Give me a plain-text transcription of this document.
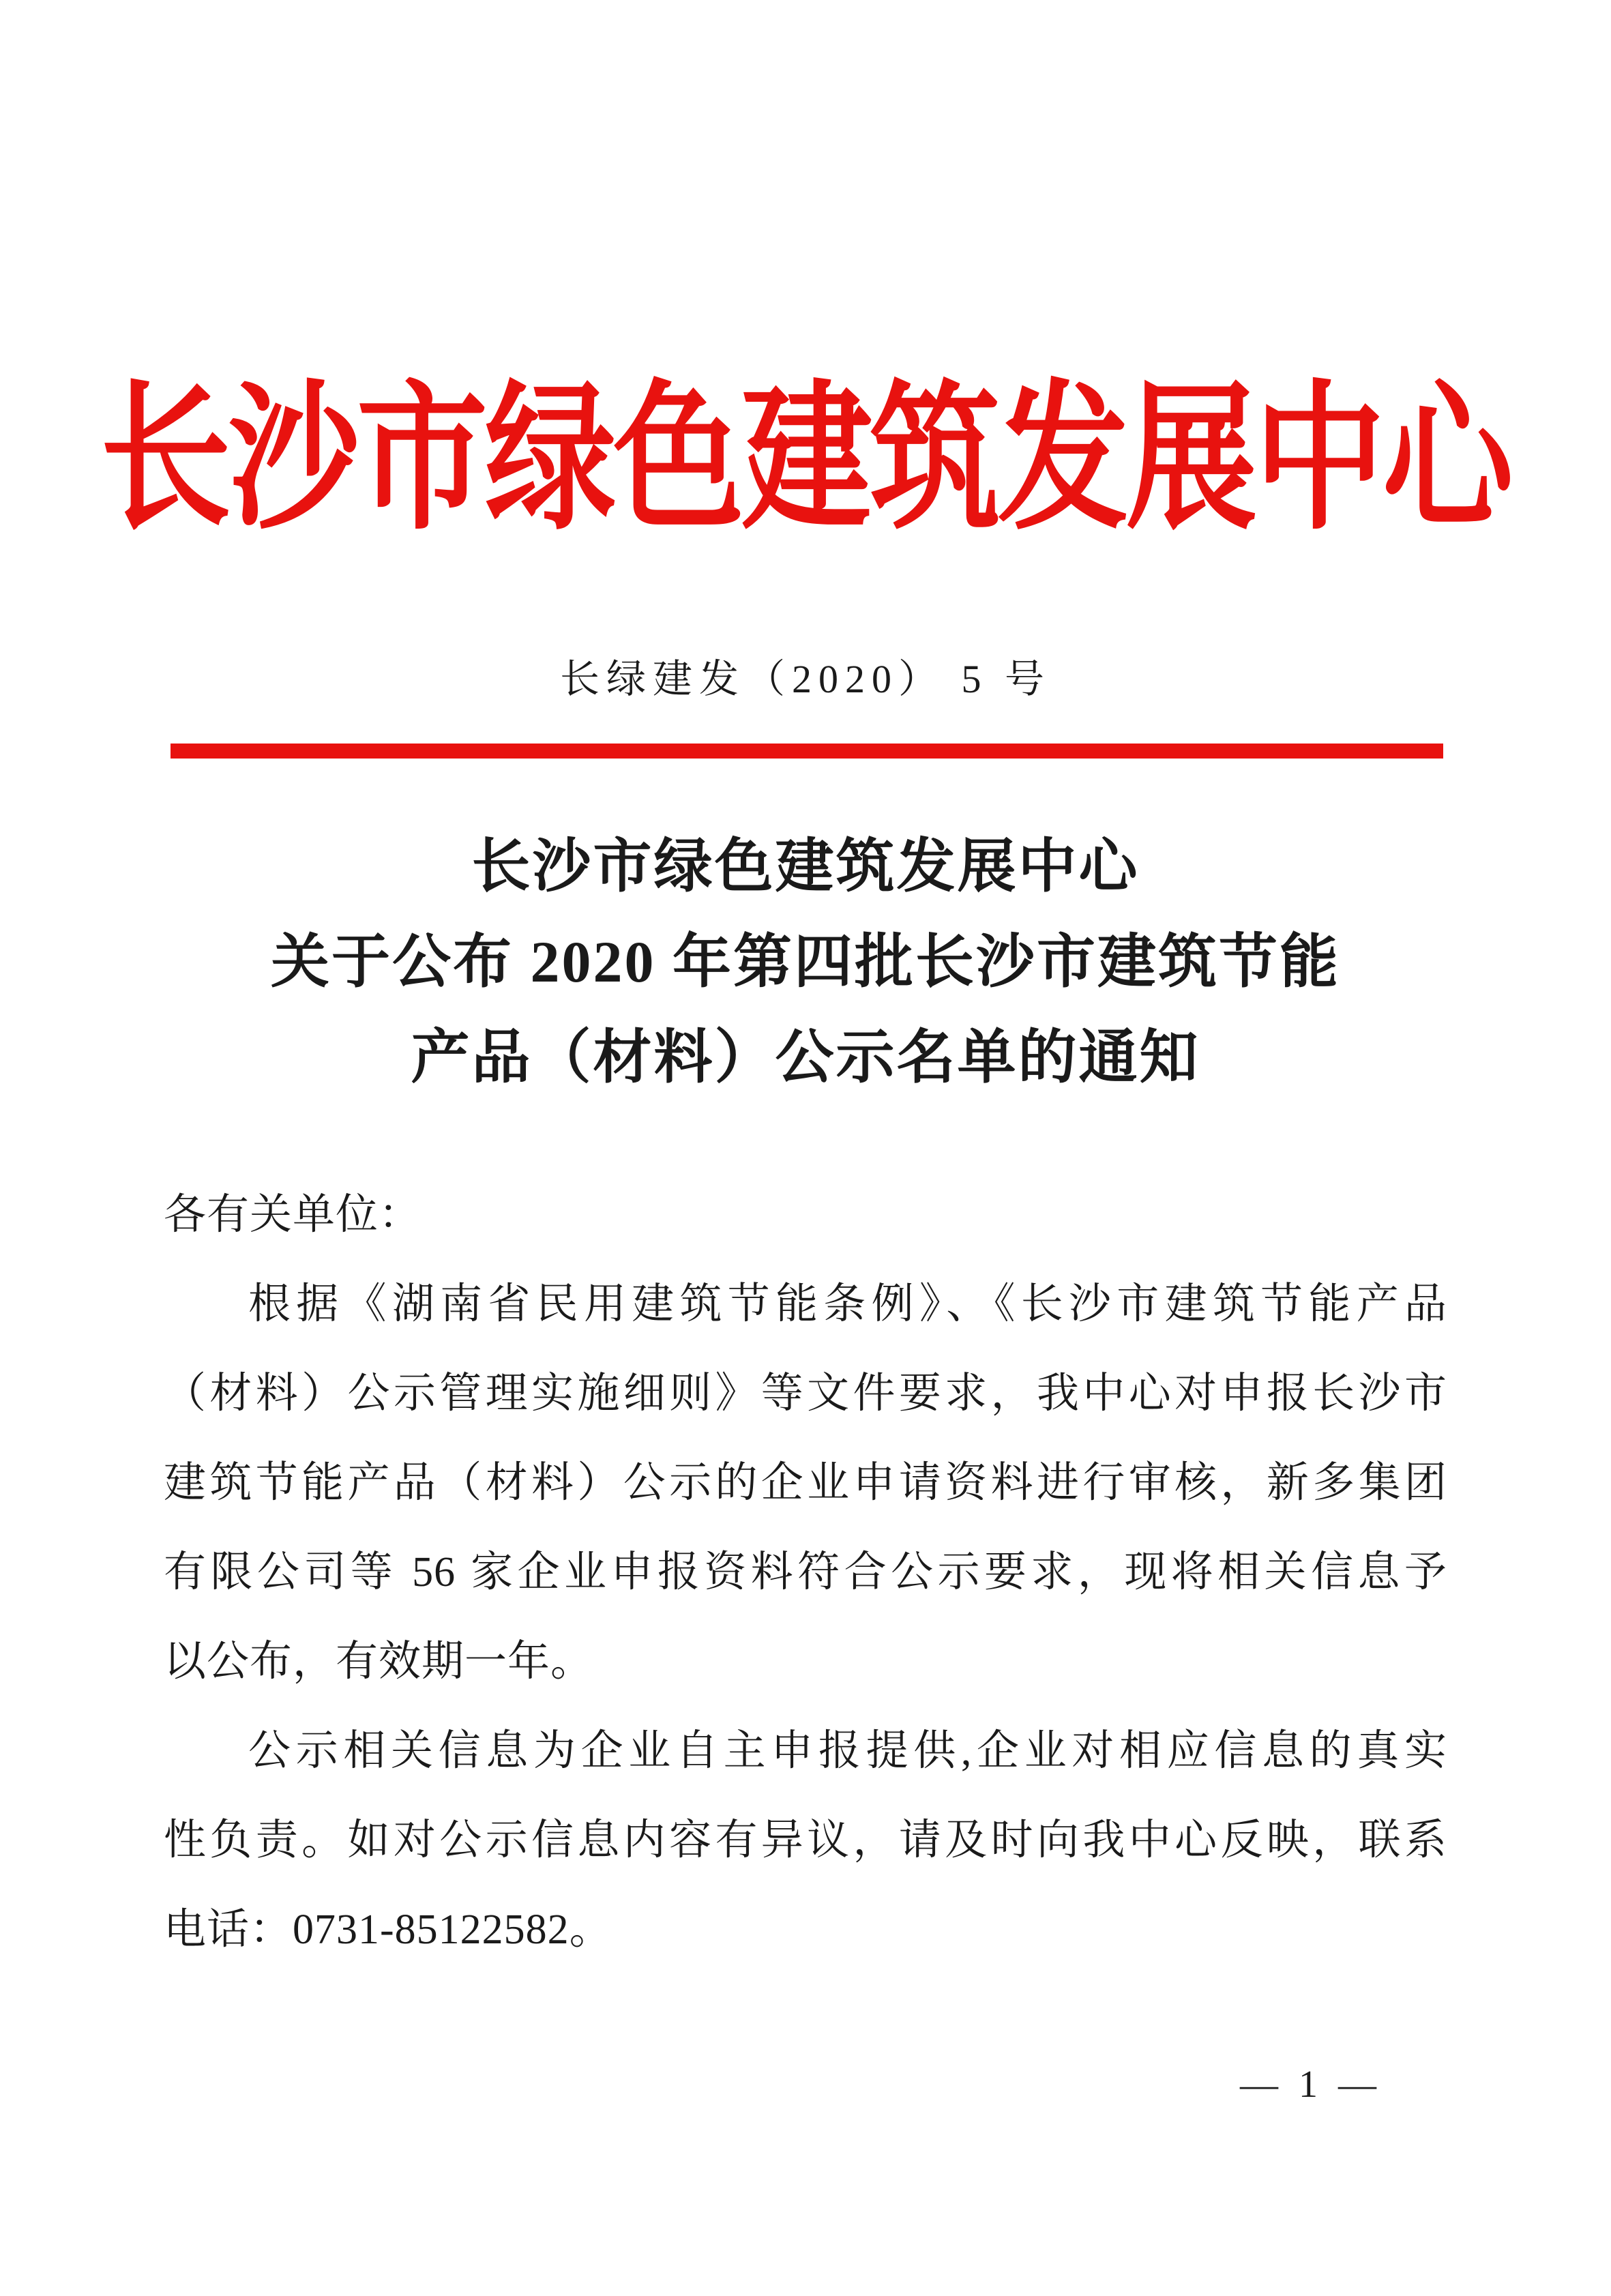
长沙市绿色建筑发展中心
长绿建发（2020） 5 号
长沙市绿色建筑发展中心
关于公布 2020 年第四批长沙市建筑节能
产品（材料）公示名单的通知
各有关单位：
根据《湖南省民用建筑节能条例》、《长沙市建筑节能产品
（材料）公示管理实施细则》等文件要求，我中心对申报长沙市
建筑节能产品（材料）公示的企业申请资料进行审核，新多集团
有限公司等 56 家企业申报资料符合公示要求，现将相关信息予
以公布，有效期一年。
公示相关信息为企业自主申报提供,企业对相应信息的真实
性负责。如对公示信息内容有异议，请及时向我中心反映，联系
电话：0731-85122582。
— 1 —
